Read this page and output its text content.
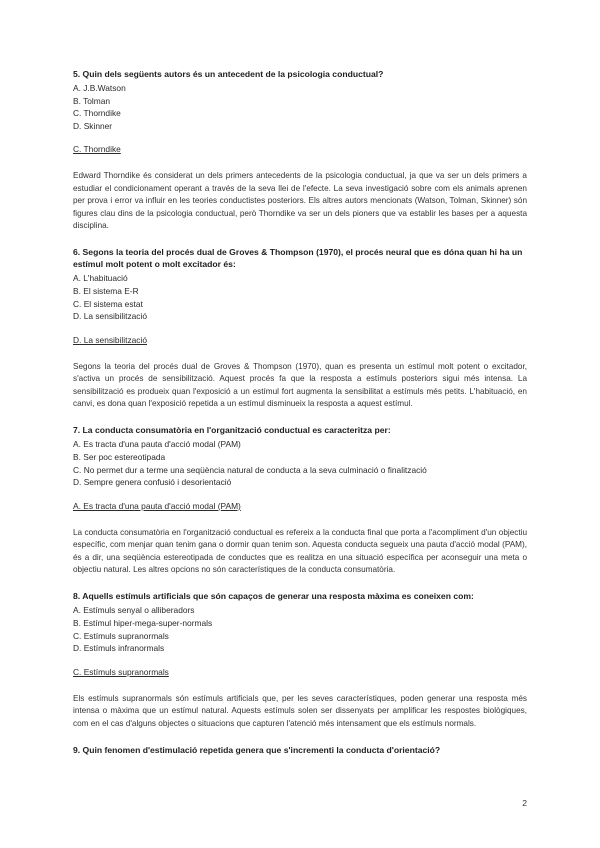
5. Quin dels següents autors és un antecedent de la psicologia conductual?
A. J.B.Watson
B. Tolman
C. Thorndike
D. Skinner
C. Thorndike

Edward Thorndike és considerat un dels primers antecedents de la psicologia conductual, ja que va ser un dels primers a estudiar el condicionament operant a través de la seva llei de l'efecte. La seva investigació sobre com els animals aprenen per prova i error va influir en les teories conductistes posteriors. Els altres autors mencionats (Watson, Tolman, Skinner) són figures clau dins de la psicologia conductual, però Thorndike va ser un dels pioners que va establir les bases per a aquesta disciplina.

6. Segons la teoria del procés dual de Groves & Thompson (1970), el procés neural que es dóna quan hi ha un estímul molt potent o molt excitador és:
A. L'habituació
B. El sistema E-R
C. El sistema estat
D. La sensibilització
D. La sensibilització

Segons la teoria del procés dual de Groves & Thompson (1970), quan es presenta un estímul molt potent o excitador, s'activa un procés de sensibilització. Aquest procés fa que la resposta a estímuls posteriors sigui més intensa. La sensibilització es produeix quan l'exposició a un estímul fort augmenta la sensibilitat a estímuls més petits. L'habituació, en canvi, es dona quan l'exposició repetida a un estímul disminueix la resposta a aquest estímul.

7. La conducta consumatòria en l'organització conductual es caracteritza per:
A. Es tracta d'una pauta d'acció modal (PAM)
B. Ser poc estereotipada
C. No permet dur a terme una seqüència natural de conducta a la seva culminació o finalització
D. Sempre genera confusió i desorientació
A. Es tracta d'una pauta d'acció modal (PAM)

La conducta consumatòria en l'organització conductual es refereix a la conducta final que porta a l'acompliment d'un objectiu específic, com menjar quan tenim gana o dormir quan tenim son. Aquesta conducta segueix una pauta d'acció modal (PAM), és a dir, una seqüència estereotipada de conductes que es realitza en una situació específica per aconseguir una meta o objectiu natural. Les altres opcions no són característiques de la conducta consumatòria.

8. Aquells estímuls artificials que són capaços de generar una resposta màxima es coneixen com:
A. Estímuls senyal o alliberadors
B. Estímul hiper-mega-super-normals
C. Estímuls supranormals
D. Estímuls infranormals
C. Estímuls supranormals

Els estímuls supranormals són estímuls artificials que, per les seves característiques, poden generar una resposta més intensa o màxima que un estímul natural. Aquests estímuls solen ser dissenyats per amplificar les respostes biològiques, com en el cas d'alguns objectes o situacions que capturen l'atenció més intensament que els estímuls normals.

9. Quin fenomen d'estimulació repetida genera que s'incrementi la conducta d'orientació?
2
